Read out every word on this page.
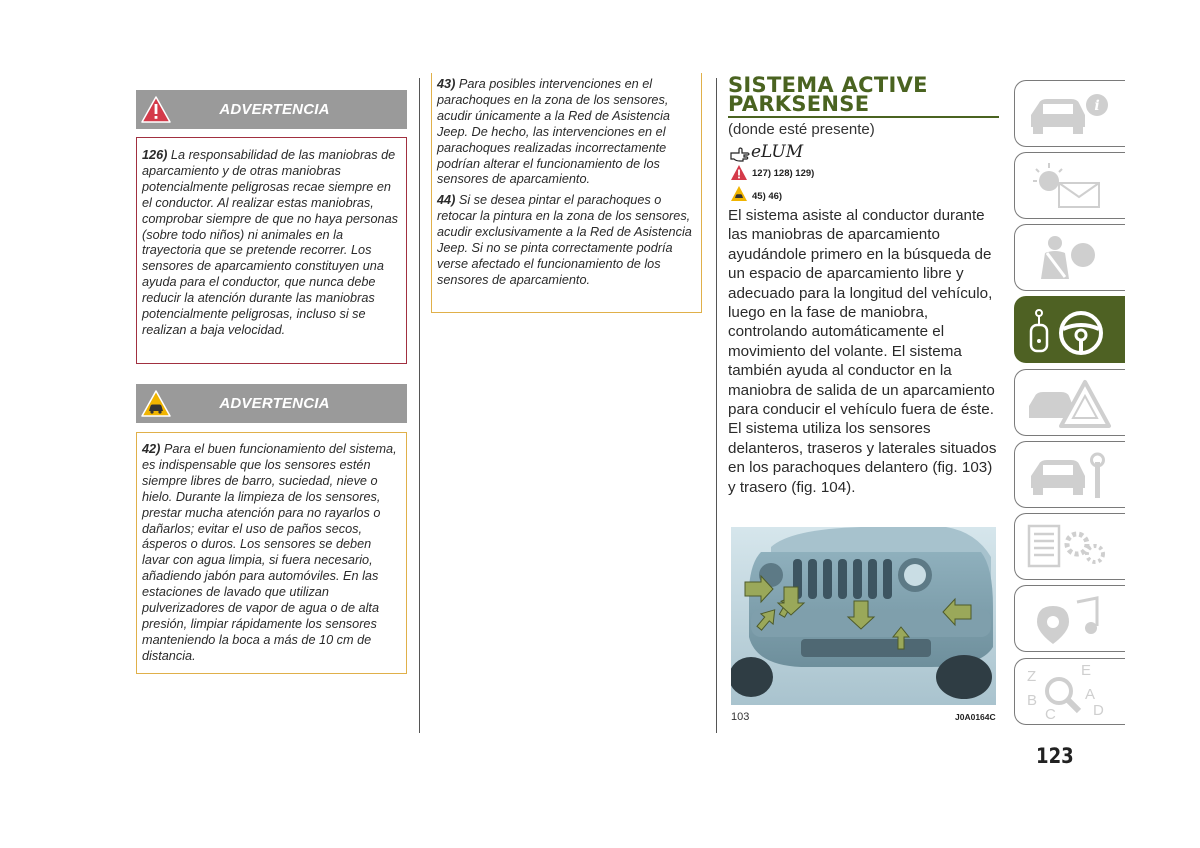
ADVERTENCIA

126) La responsabilidad de las maniobras de aparcamiento y de otras maniobras potencialmente peligrosas recae siempre en el conductor. Al realizar estas maniobras, comprobar siempre de que no haya personas (sobre todo niños) ni animales en la trayectoria que se pretende recorrer. Los sensores de aparcamiento constituyen una ayuda para el conductor, que nunca debe reducir la atención durante las maniobras potencialmente peligrosas, incluso si se realizan a baja velocidad.

ADVERTENCIA

42) Para el buen funcionamiento del sistema, es indispensable que los sensores estén siempre libres de barro, suciedad, nieve o hielo. Durante la limpieza de los sensores, prestar mucha atención para no rayarlos o dañarlos; evitar el uso de paños secos, ásperos o duros. Los sensores se deben lavar con agua limpia, si fuera necesario, añadiendo jabón para automóviles. En las estaciones de lavado que utilizan pulverizadores de vapor de agua o de alta presión, limpiar rápidamente los sensores manteniendo la boca a más de 10 cm de distancia.

43) Para posibles intervenciones en el parachoques en la zona de los sensores, acudir únicamente a la Red de Asistencia Jeep. De hecho, las intervenciones en el parachoques realizadas incorrectamente podrían alterar el funcionamiento de los sensores de aparcamiento.

44) Si se desea pintar el parachoques o retocar la pintura en la zona de los sensores, acudir exclusivamente a la Red de Asistencia Jeep. Si no se pinta correctamente podría verse afectado el funcionamiento de los sensores de aparcamiento.

SISTEMA ACTIVE
PARKSENSE
(donde esté presente)
eLUM
127) 128) 129)
45) 46)

El sistema asiste al conductor durante las maniobras de aparcamiento ayudándole primero en la búsqueda de un espacio de aparcamiento libre y adecuado para la longitud del vehículo, luego en la fase de maniobra, controlando automáticamente el movimiento del volante. El sistema también ayuda al conductor en la maniobra de salida de un aparcamiento para conducir el vehículo fuera de éste.

El sistema utiliza los sensores delanteros, traseros y laterales situados en los parachoques delantero (fig. 103) y trasero (fig. 104).

103	J0A0164C
123
i
Z
B
C
E
A
D
